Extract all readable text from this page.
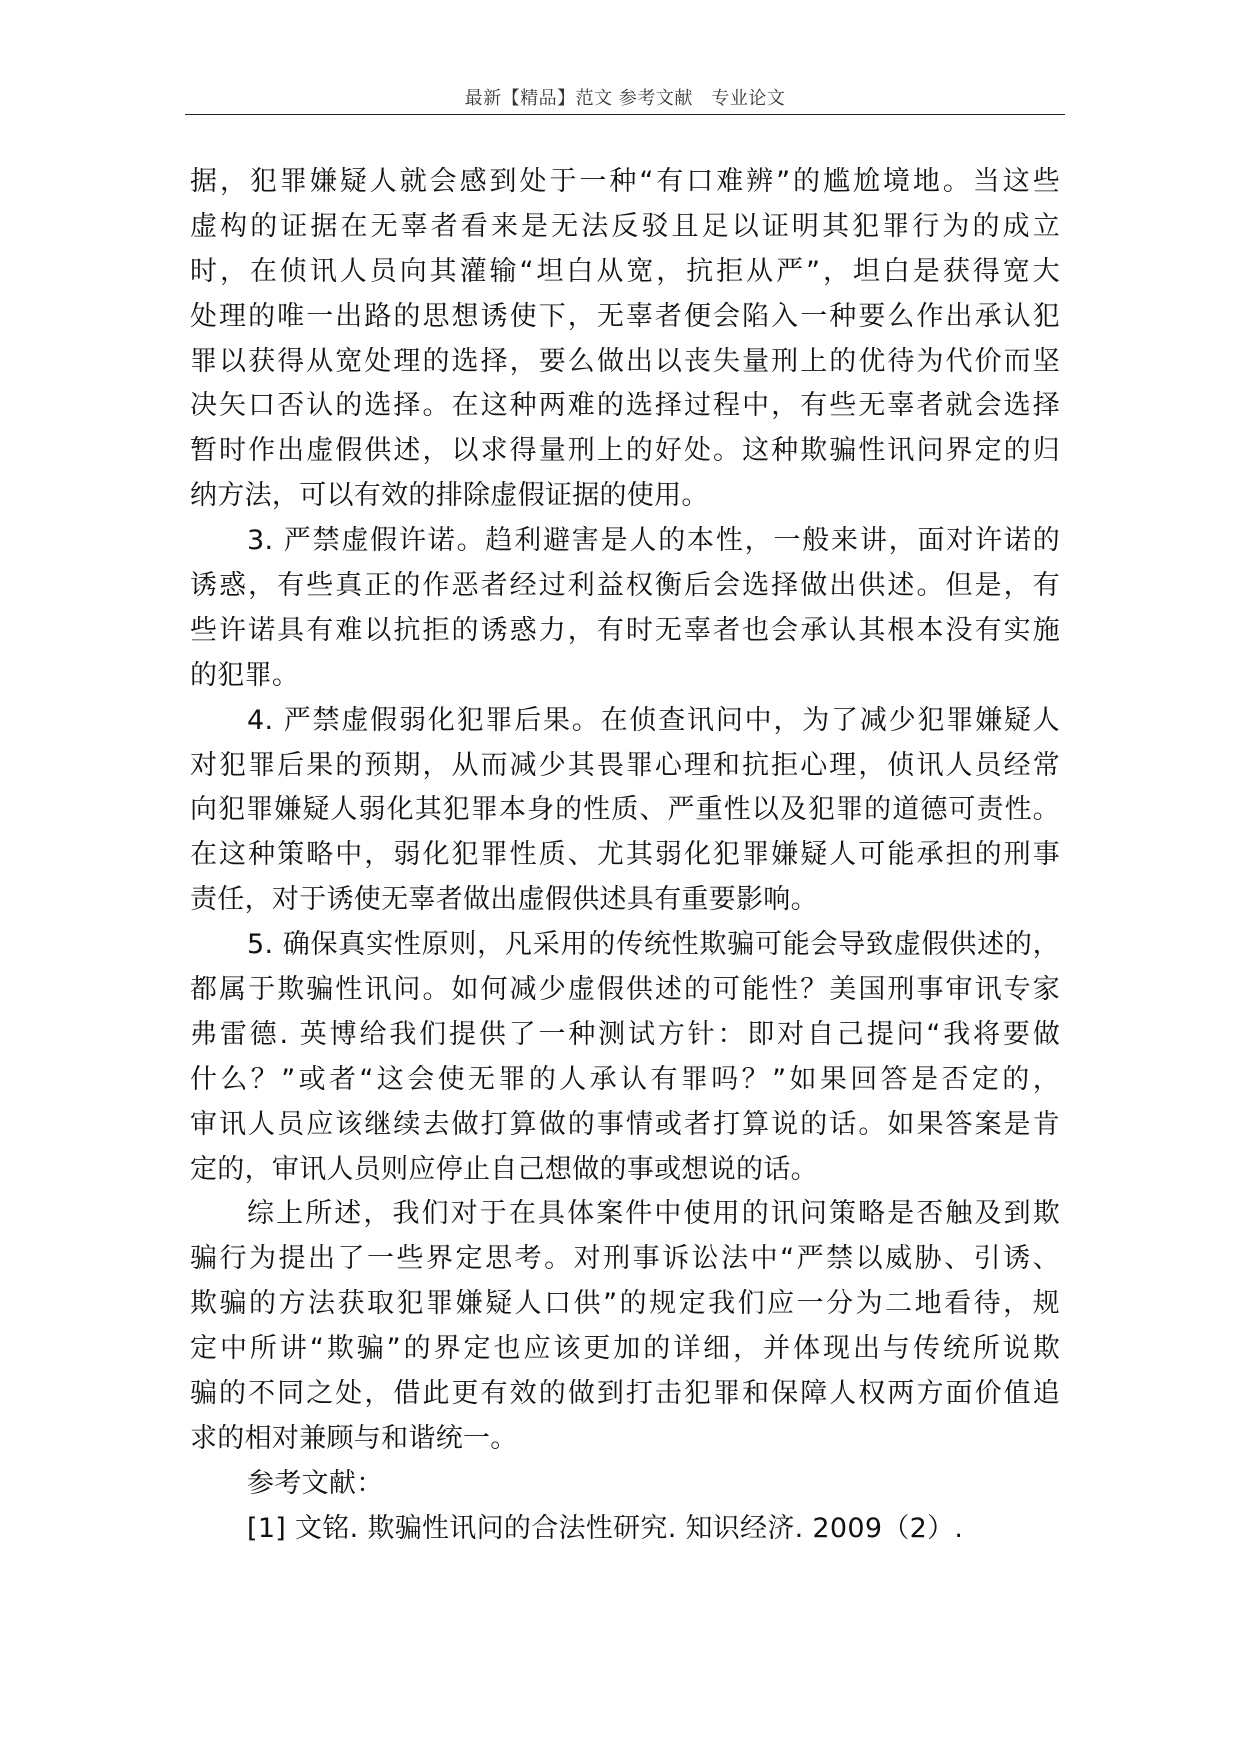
最新【精品】范文 参考文献　专业论文
据，犯罪嫌疑人就会感到处于一种“有口难辨”的尴尬境地。当这些
虚构的证据在无辜者看来是无法反驳且足以证明其犯罪行为的成立
时，在侦讯人员向其灌输“坦白从宽，抗拒从严”，坦白是获得宽大
处理的唯一出路的思想诱使下，无辜者便会陷入一种要么作出承认犯
罪以获得从宽处理的选择，要么做出以丧失量刑上的优待为代价而坚
决矢口否认的选择。在这种两难的选择过程中，有些无辜者就会选择
暂时作出虚假供述，以求得量刑上的好处。这种欺骗性讯问界定的归
纳方法，可以有效的排除虚假证据的使用。
3. 严禁虚假许诺。趋利避害是人的本性，一般来讲，面对许诺的
诱惑，有些真正的作恶者经过利益权衡后会选择做出供述。但是，有
些许诺具有难以抗拒的诱惑力，有时无辜者也会承认其根本没有实施
的犯罪。
4. 严禁虚假弱化犯罪后果。在侦查讯问中，为了减少犯罪嫌疑人
对犯罪后果的预期，从而减少其畏罪心理和抗拒心理，侦讯人员经常
向犯罪嫌疑人弱化其犯罪本身的性质、严重性以及犯罪的道德可责性。
在这种策略中，弱化犯罪性质、尤其弱化犯罪嫌疑人可能承担的刑事
责任，对于诱使无辜者做出虚假供述具有重要影响。
5. 确保真实性原则，凡采用的传统性欺骗可能会导致虚假供述的，
都属于欺骗性讯问。如何减少虚假供述的可能性？美国刑事审讯专家
弗雷德. 英博给我们提供了一种测试方针：即对自己提问“我将要做
什么？”或者“这会使无罪的人承认有罪吗？”如果回答是否定的，
审讯人员应该继续去做打算做的事情或者打算说的话。如果答案是肯
定的，审讯人员则应停止自己想做的事或想说的话。
综上所述，我们对于在具体案件中使用的讯问策略是否触及到欺
骗行为提出了一些界定思考。对刑事诉讼法中“严禁以威胁、引诱、
欺骗的方法获取犯罪嫌疑人口供”的规定我们应一分为二地看待，规
定中所讲“欺骗”的界定也应该更加的详细，并体现出与传统所说欺
骗的不同之处，借此更有效的做到打击犯罪和保障人权两方面价值追
求的相对兼顾与和谐统一。
参考文献：
[1] 文铭. 欺骗性讯问的合法性研究. 知识经济. 2009（2）.
